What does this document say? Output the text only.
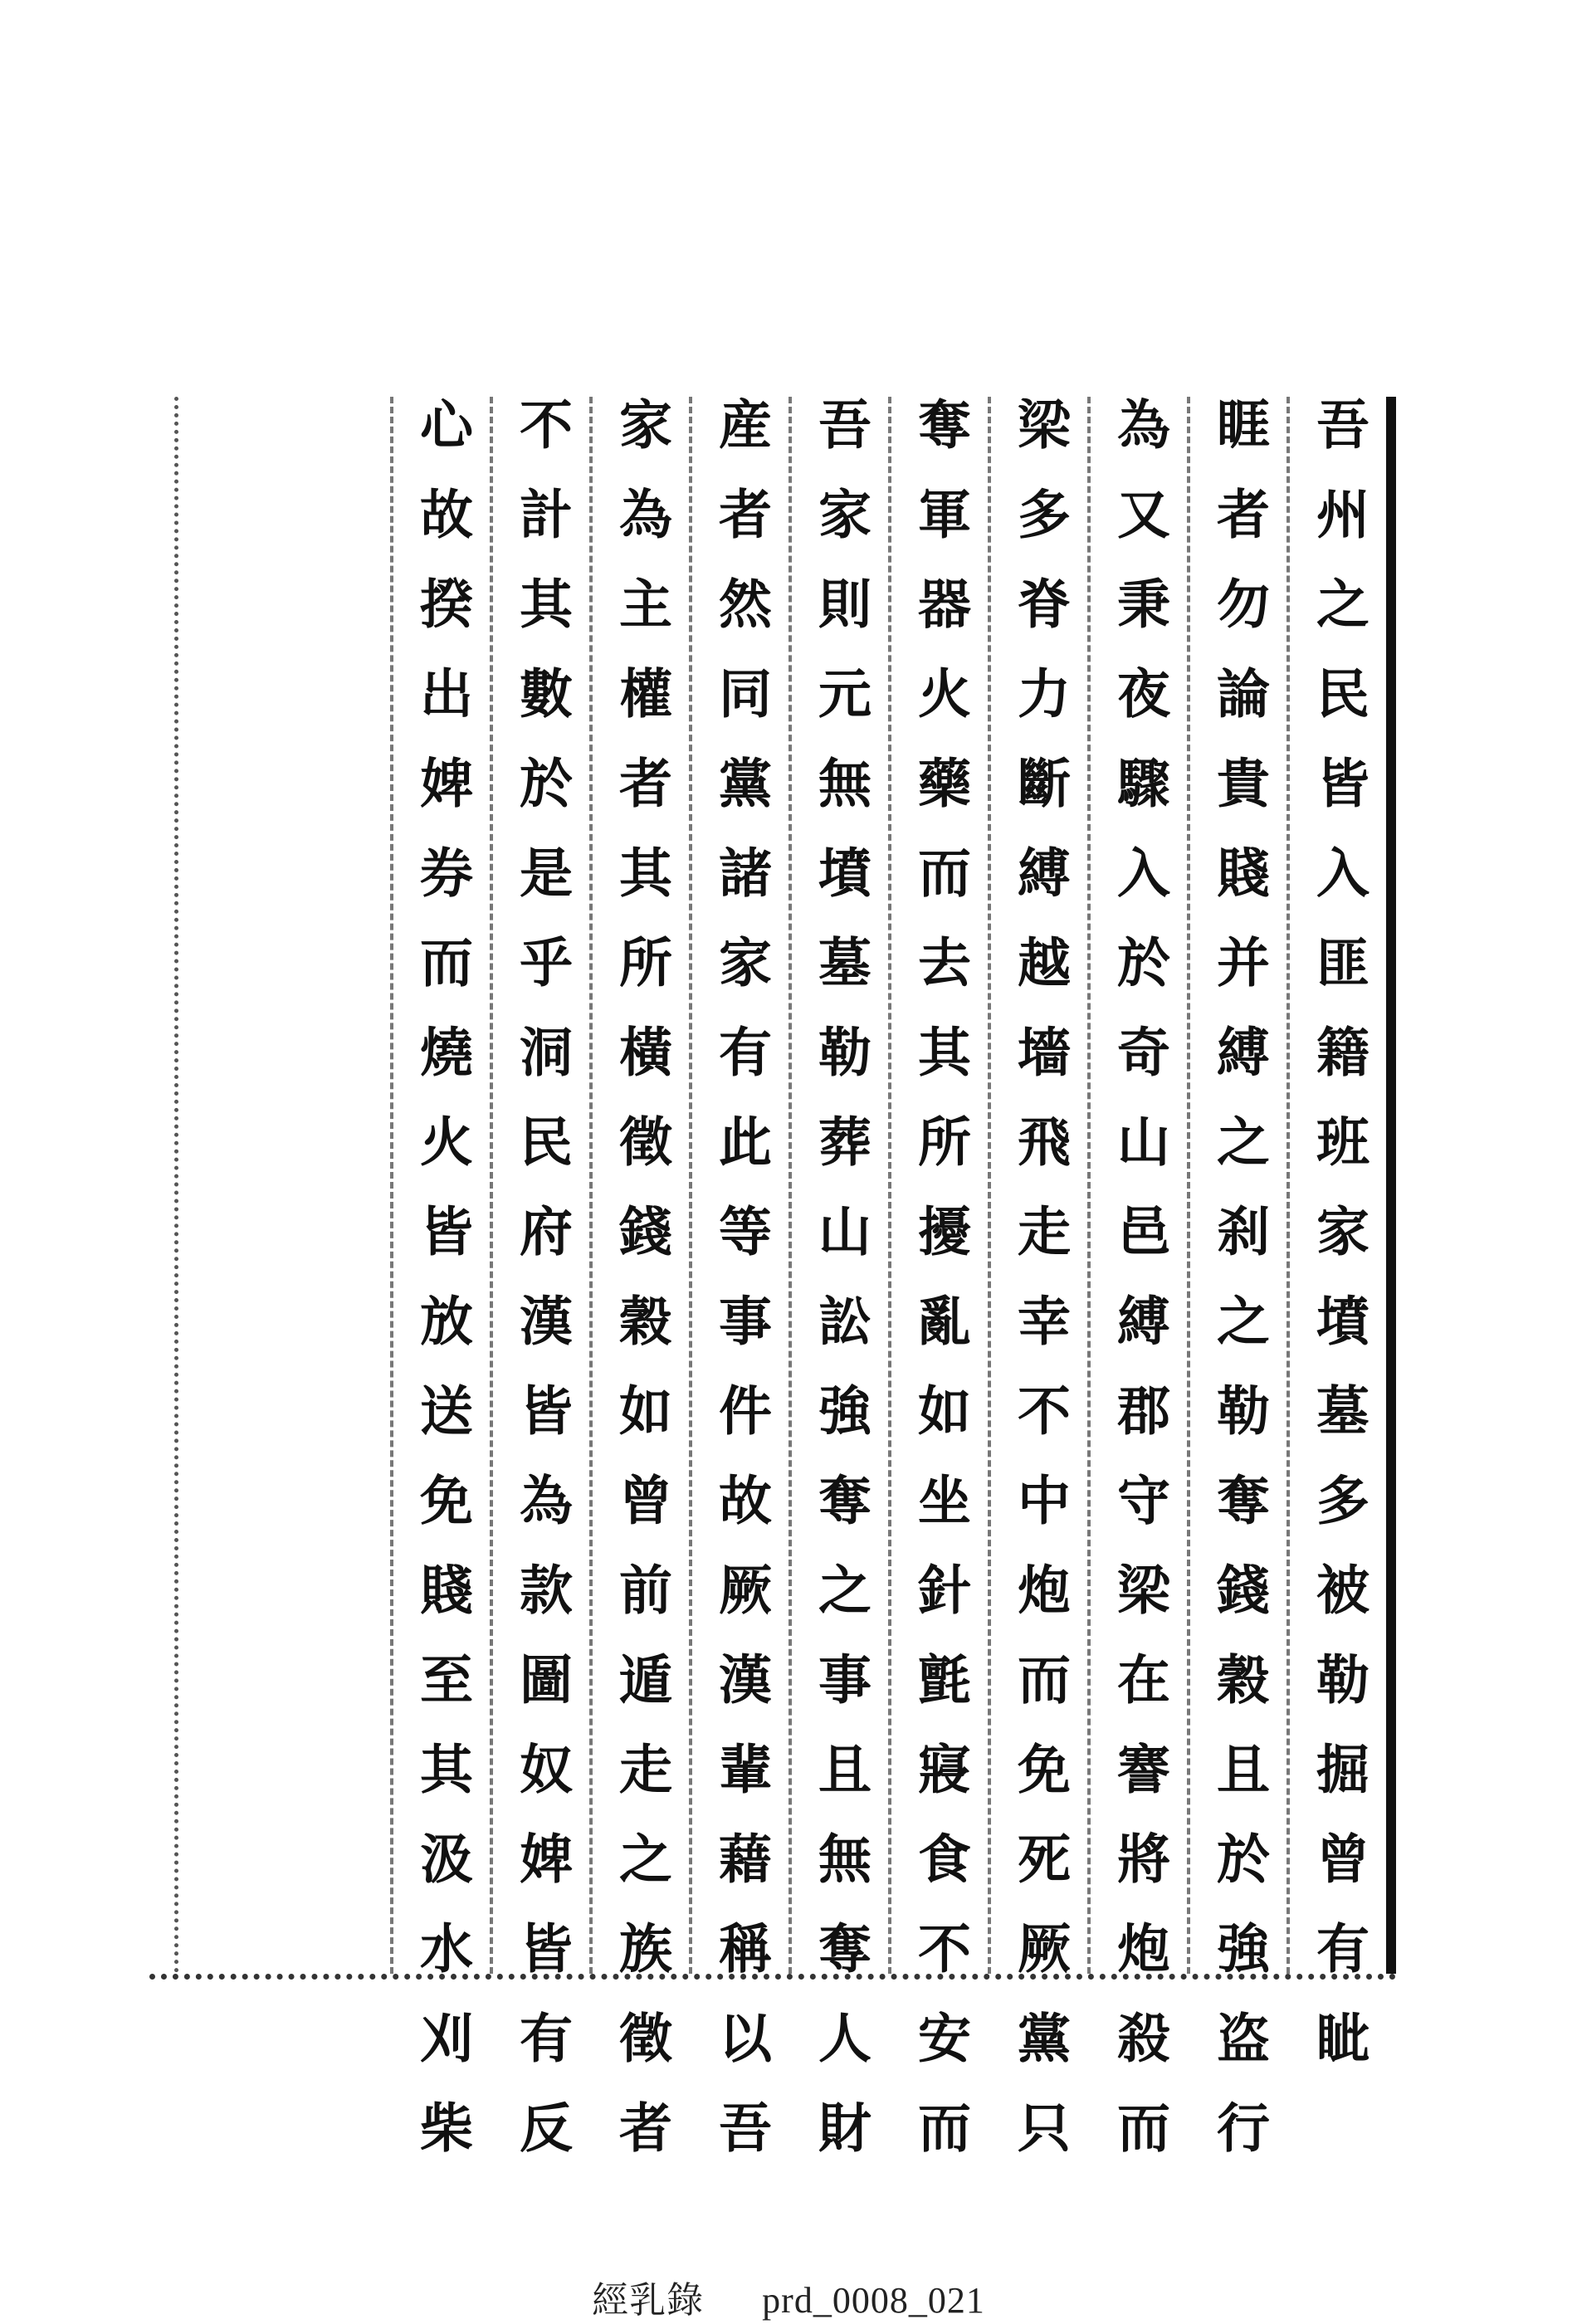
吾州之民皆入匪籍班家墳墓多被勒掘曾有眦
睚者勿論貴賤并縛之刹之勒奪錢穀且於強盗行
為又秉夜驟入於奇山邑縛郡守梁在謇將炮殺而
梁多脊力斷縛越墻飛走幸不中炮而免死厥黨只
奪軍器火藥而去其所擾亂如坐針氈寢食不安而
吾家則元無墳墓勒葬山訟強奪之事且無奪人財
産者然同黨諸家有此等事件故厥漢輩藉稱以吾
家為主權者其所橫徵錢穀如曾前遁走之族徵者
不計其數於是乎洞民府漢皆為款圖奴婢皆有反
心故揆出婢券而燒火皆放送免賤至其汲水刈柴
經乳錄 prd_0008_021
